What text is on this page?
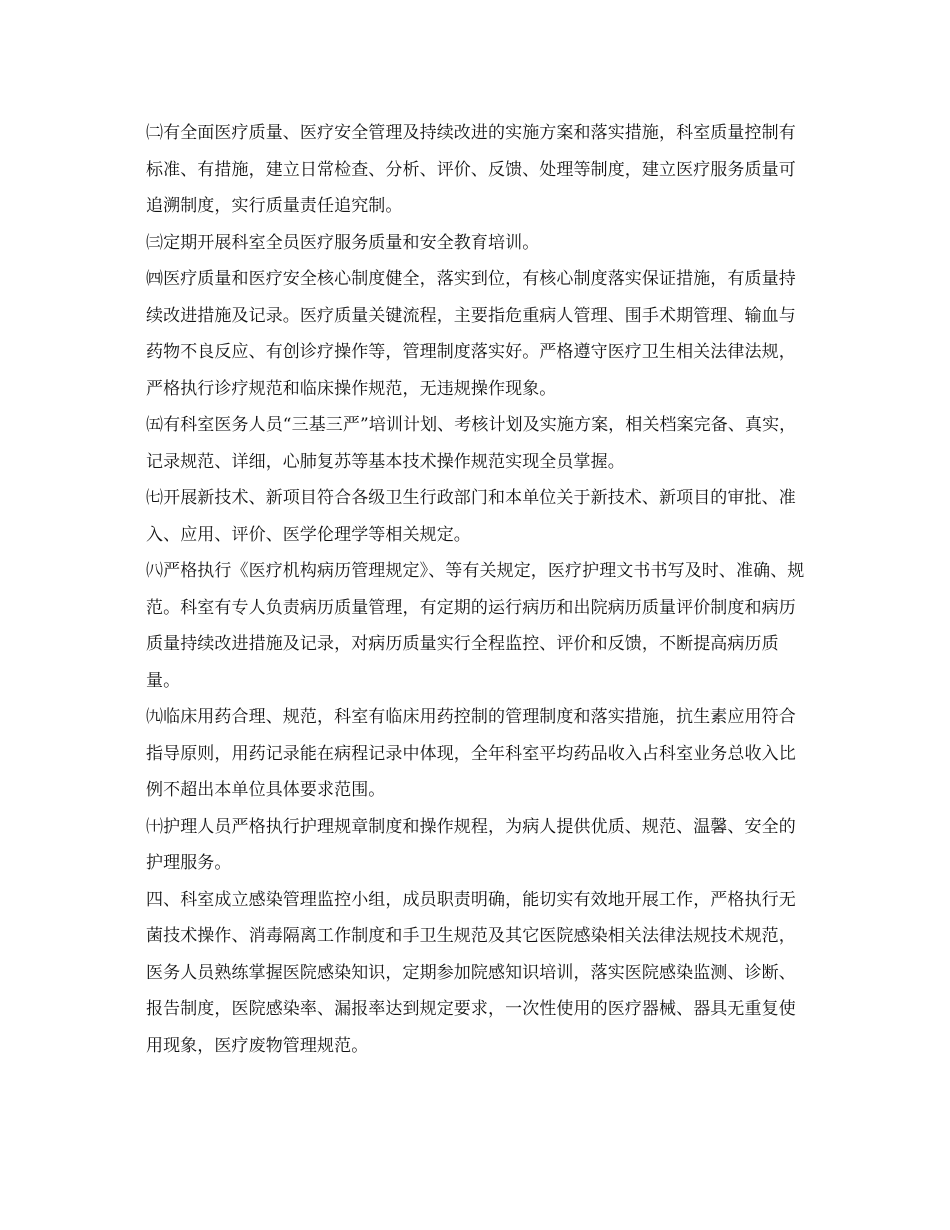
㈡有全面医疗质量、医疗安全管理及持续改进的实施方案和落实措施，科室质量控制有标准、有措施，建立日常检查、分析、评价、反馈、处理等制度，建立医疗服务质量可追溯制度，实行质量责任追究制。

㈢定期开展科室全员医疗服务质量和安全教育培训。

㈣医疗质量和医疗安全核心制度健全，落实到位，有核心制度落实保证措施，有质量持续改进措施及记录。医疗质量关键流程，主要指危重病人管理、围手术期管理、输血与药物不良反应、有创诊疗操作等，管理制度落实好。严格遵守医疗卫生相关法律法规，严格执行诊疗规范和临床操作规范，无违规操作现象。

㈤有科室医务人员“三基三严”培训计划、考核计划及实施方案，相关档案完备、真实，记录规范、详细，心肺复苏等基本技术操作规范实现全员掌握。

㈦开展新技术、新项目符合各级卫生行政部门和本单位关于新技术、新项目的审批、准入、应用、评价、医学伦理学等相关规定。

㈧严格执行《医疗机构病历管理规定》、等有关规定，医疗护理文书书写及时、准确、规范。科室有专人负责病历质量管理，有定期的运行病历和出院病历质量评价制度和病历质量持续改进措施及记录，对病历质量实行全程监控、评价和反馈，不断提高病历质量。

㈨临床用药合理、规范，科室有临床用药控制的管理制度和落实措施，抗生素应用符合指导原则，用药记录能在病程记录中体现，全年科室平均药品收入占科室业务总收入比例不超出本单位具体要求范围。

㈩护理人员严格执行护理规章制度和操作规程，为病人提供优质、规范、温馨、安全的护理服务。

四、科室成立感染管理监控小组，成员职责明确，能切实有效地开展工作，严格执行无菌技术操作、消毒隔离工作制度和手卫生规范及其它医院感染相关法律法规技术规范，医务人员熟练掌握医院感染知识，定期参加院感知识培训，落实医院感染监测、诊断、报告制度，医院感染率、漏报率达到规定要求，一次性使用的医疗器械、器具无重复使用现象，医疗废物管理规范。
